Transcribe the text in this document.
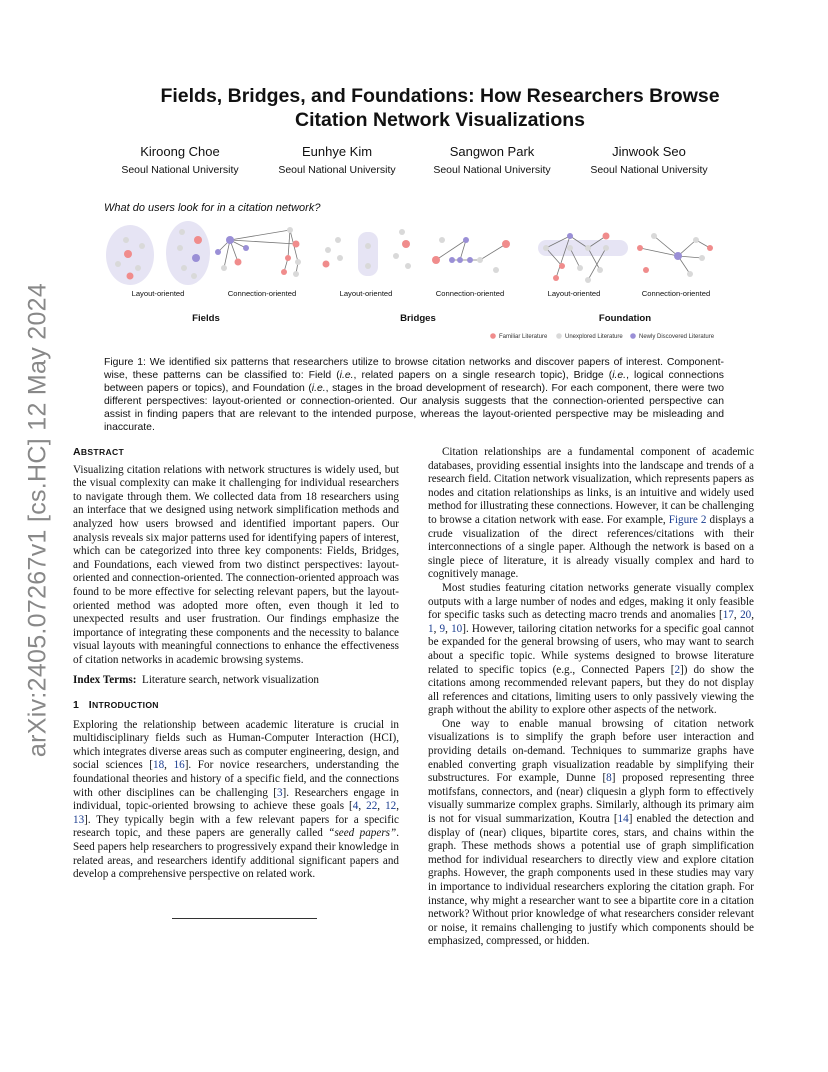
arXiv:2405.07267v1 [cs.HC] 12 May 2024
Fields, Bridges, and Foundations: How Researchers Browse
Citation Network Visualizations
Kiroong Choe
Seoul National University
Eunhye Kim
Seoul National University
Sangwon Park
Seoul National University
Jinwook Seo
Seoul National University
What do users look for in a citation network?
Layout-oriented	Connection-oriented	Layout-oriented	Connection-oriented	Layout-oriented	Connection-oriented
Fields	Bridges	Foundation
Familiar Literature	Unexplored Literature	Newly Discovered Literature
Figure 1: We identified six patterns that researchers utilize to browse citation networks and discover papers of interest. Component-wise, these patterns can be classified to: Field (i.e., related papers on a single research topic), Bridge (i.e., logical connections between papers or topics), and Foundation (i.e., stages in the broad development of research). For each component, there were two different perspectives: layout-oriented or connection-oriented. Our analysis suggests that the connection-oriented perspective can assist in finding papers that are relevant to the intended purpose, whereas the layout-oriented perspective may be misleading and inaccurate.
ABSTRACT

Visualizing citation relations with network structures is widely used, but the visual complexity can make it challenging for individual researchers to navigate through them. We collected data from 18 researchers using an interface that we designed using network simplification methods and analyzed how users browsed and identified important papers. Our analysis reveals six major patterns used for identifying papers of interest, which can be categorized into three key components: Fields, Bridges, and Foundations, each viewed from two distinct perspectives: layout-oriented and connection-oriented. The connection-oriented approach was found to be more effective for selecting relevant papers, but the layout-oriented method was adopted more often, even though it led to unexpected results and user frustration. Our findings emphasize the importance of integrating these components and the necessity to balance visual layouts with meaningful connections to enhance the effectiveness of citation networks in academic browsing systems.

Index Terms: Literature search, network visualization

1 INTRODUCTION

Exploring the relationship between academic literature is crucial in multidisciplinary fields such as Human-Computer Interaction (HCI), which integrates diverse areas such as computer engineering, design, and social sciences [18, 16]. For novice researchers, understanding the foundational theories and history of a specific field, and the connections with other disciplines can be challenging [3]. Researchers engage in individual, topic-oriented browsing to achieve these goals [4, 22, 12, 13]. They typically begin with a few relevant papers for a specific research topic, and these papers are generally called “seed papers”. Seed papers help researchers to progressively expand their knowledge in related areas, and researchers identify additional significant papers and develop a comprehensive perspective on related work.

Citation relationships are a fundamental component of academic databases, providing essential insights into the landscape and trends of a research field. Citation network visualization, which represents papers as nodes and citation relationships as links, is an intuitive and widely used method for illustrating these connections. However, it can be challenging to browse a citation network with ease. For example, Figure 2 displays a crude visualization of the direct references/citations with their interconnections of a single paper. Although the network is based on a single piece of literature, it is already visually complex and hard to cognitively manage.

Most studies featuring citation networks generate visually complex outputs with a large number of nodes and edges, making it only feasible for specific tasks such as detecting macro trends and anomalies [17, 20, 1, 9, 10]. However, tailoring citation networks for a specific goal cannot be expanded for the general browsing of users, who may want to search about a specific topic. While systems designed to browse literature related to specific topics (e.g., Connected Papers [2]) do show the citations among recommended relevant papers, but they do not display all references and citations, limiting users to only passively viewing the graph without the ability to explore other aspects of the network.

One way to enable manual browsing of citation network visualizations is to simplify the graph before user interaction and providing details on-demand. Techniques to summarize graphs have enabled converting graph visualization readable by simplifying their substructures. For example, Dunne [8] proposed representing three motifsfans, connectors, and (near) cliquesin a glyph form to effectively visually summarize complex graphs. Similarly, although its primary aim is not for visual summarization, Koutra [14] enabled the detection and display of (near) cliques, bipartite cores, stars, and chains within the graph. These methods shows a potential use of graph simplification method for individual researchers to directly view and explore citation graphs. However, the graph components used in these studies may vary in importance to individual researchers exploring the citation graph. For instance, why might a researcher want to see a bipartite core in a citation network? Without prior knowledge of what researchers consider relevant or noise, it remains challenging to justify which components should be emphasized, compressed, or hidden.
